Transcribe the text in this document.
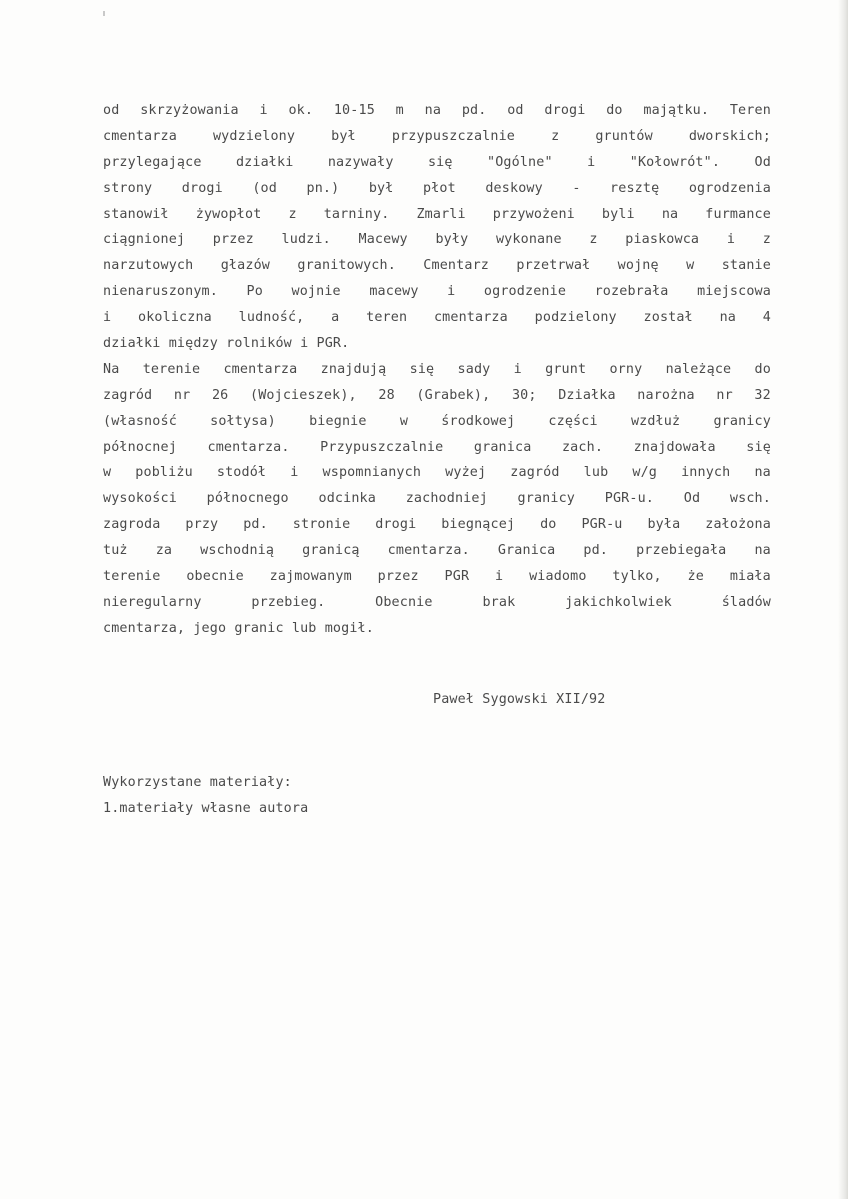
od skrzyżowania i ok. 10-15 m na pd. od drogi do majątku. Teren
cmentarza	wydzielony	był	przypuszczalnie	z	gruntów	dworskich;
przylegające	działki	nazywały	się	"Ogólne"	i	"Kołowrót".	Od
strony drogi (od pn.) był płot deskowy - resztę ogrodzenia
stanowił żywopłot z tarniny. Zmarli przywożeni byli na furmance
ciągnionej przez ludzi. Macewy były wykonane z piaskowca i z
narzutowych głazów granitowych. Cmentarz przetrwał wojnę w stanie
nienaruszonym. Po wojnie macewy i ogrodzenie rozebrała miejscowa
i okoliczna ludność, a teren cmentarza podzielony został na 4
działki między rolników i PGR.
Na terenie cmentarza znajdują się sady i grunt orny należące do
zagród nr 26 (Wojcieszek), 28 (Grabek), 30; Działka narożna nr 32
(własność sołtysa) biegnie w środkowej części wzdłuż granicy
północnej cmentarza. Przypuszczalnie granica zach. znajdowała się
w pobliżu stodół i wspomnianych wyżej zagród lub w/g innych na
wysokości północnego odcinka zachodniej granicy PGR-u. Od wsch.
zagroda przy pd. stronie drogi biegnącej do PGR-u była założona
tuż za wschodnią granicą cmentarza. Granica pd. przebiegała na
terenie obecnie zajmowanym przez PGR i wiadomo tylko, że miała
nieregularny	przebieg.	Obecnie	brak	jakichkolwiek	śladów
cmentarza, jego granic lub mogił.
Paweł Sygowski XII/92
Wykorzystane materiały:
1.materiały własne autora
